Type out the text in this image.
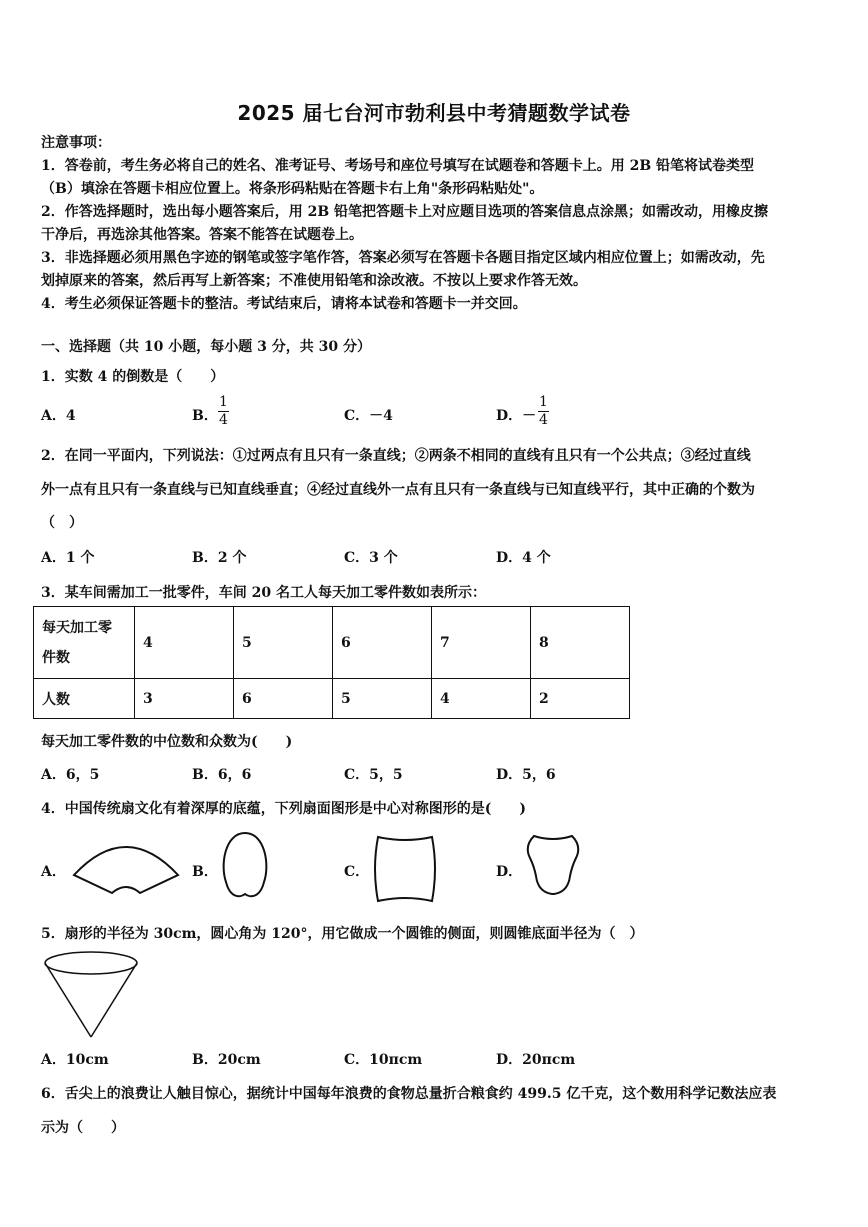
2025 届七台河市勃利县中考猜题数学试卷
注意事项：
1．答卷前，考生务必将自己的姓名、准考证号、考场号和座位号填写在试题卷和答题卡上。用 2B 铅笔将试卷类型
（B）填涂在答题卡相应位置上。将条形码粘贴在答题卡右上角"条形码粘贴处"。
2．作答选择题时，选出每小题答案后，用 2B 铅笔把答题卡上对应题目选项的答案信息点涂黑；如需改动，用橡皮擦
干净后，再选涂其他答案。答案不能答在试题卷上。
3．非选择题必须用黑色字迹的钢笔或签字笔作答，答案必须写在答题卡各题目指定区域内相应位置上；如需改动，先
划掉原来的答案，然后再写上新答案；不准使用铅笔和涂改液。不按以上要求作答无效。
4．考生必须保证答题卡的整洁。考试结束后，请将本试卷和答题卡一并交回。
一、选择题（共 10 小题，每小题 3 分，共 30 分）
1．实数 4 的倒数是（　　）
A．4	B． $\frac{1}{4}$	C．－4	D．－ $\frac{1}{4}$
2．在同一平面内，下列说法：①过两点有且只有一条直线；②两条不相同的直线有且只有一个公共点；③经过直线
外一点有且只有一条直线与已知直线垂直；④经过直线外一点有且只有一条直线与已知直线平行，其中正确的个数为
（　）
A．1 个	B．2 个	C．3 个	D．4 个
3．某车间需加工一批零件，车间 20 名工人每天加工零件数如表所示：
每天加工零
件数	4	5	6	7	8
人数	3	6	5	4	2
每天加工零件数的中位数和众数为(　　)
A．6，5	B．6，6	C．5，5	D．5，6
4．中国传统扇文化有着深厚的底蕴，下列扇面图形是中心对称图形的是(　　)
A．	B．	C．	D．
5．扇形的半径为 30cm，圆心角为 120°，用它做成一个圆锥的侧面，则圆锥底面半径为（　）
A．10cm	B．20cm	C．10πcm	D．20πcm
6．舌尖上的浪费让人触目惊心，据统计中国每年浪费的食物总量折合粮食约 499.5 亿千克，这个数用科学记数法应表
示为（　　）
